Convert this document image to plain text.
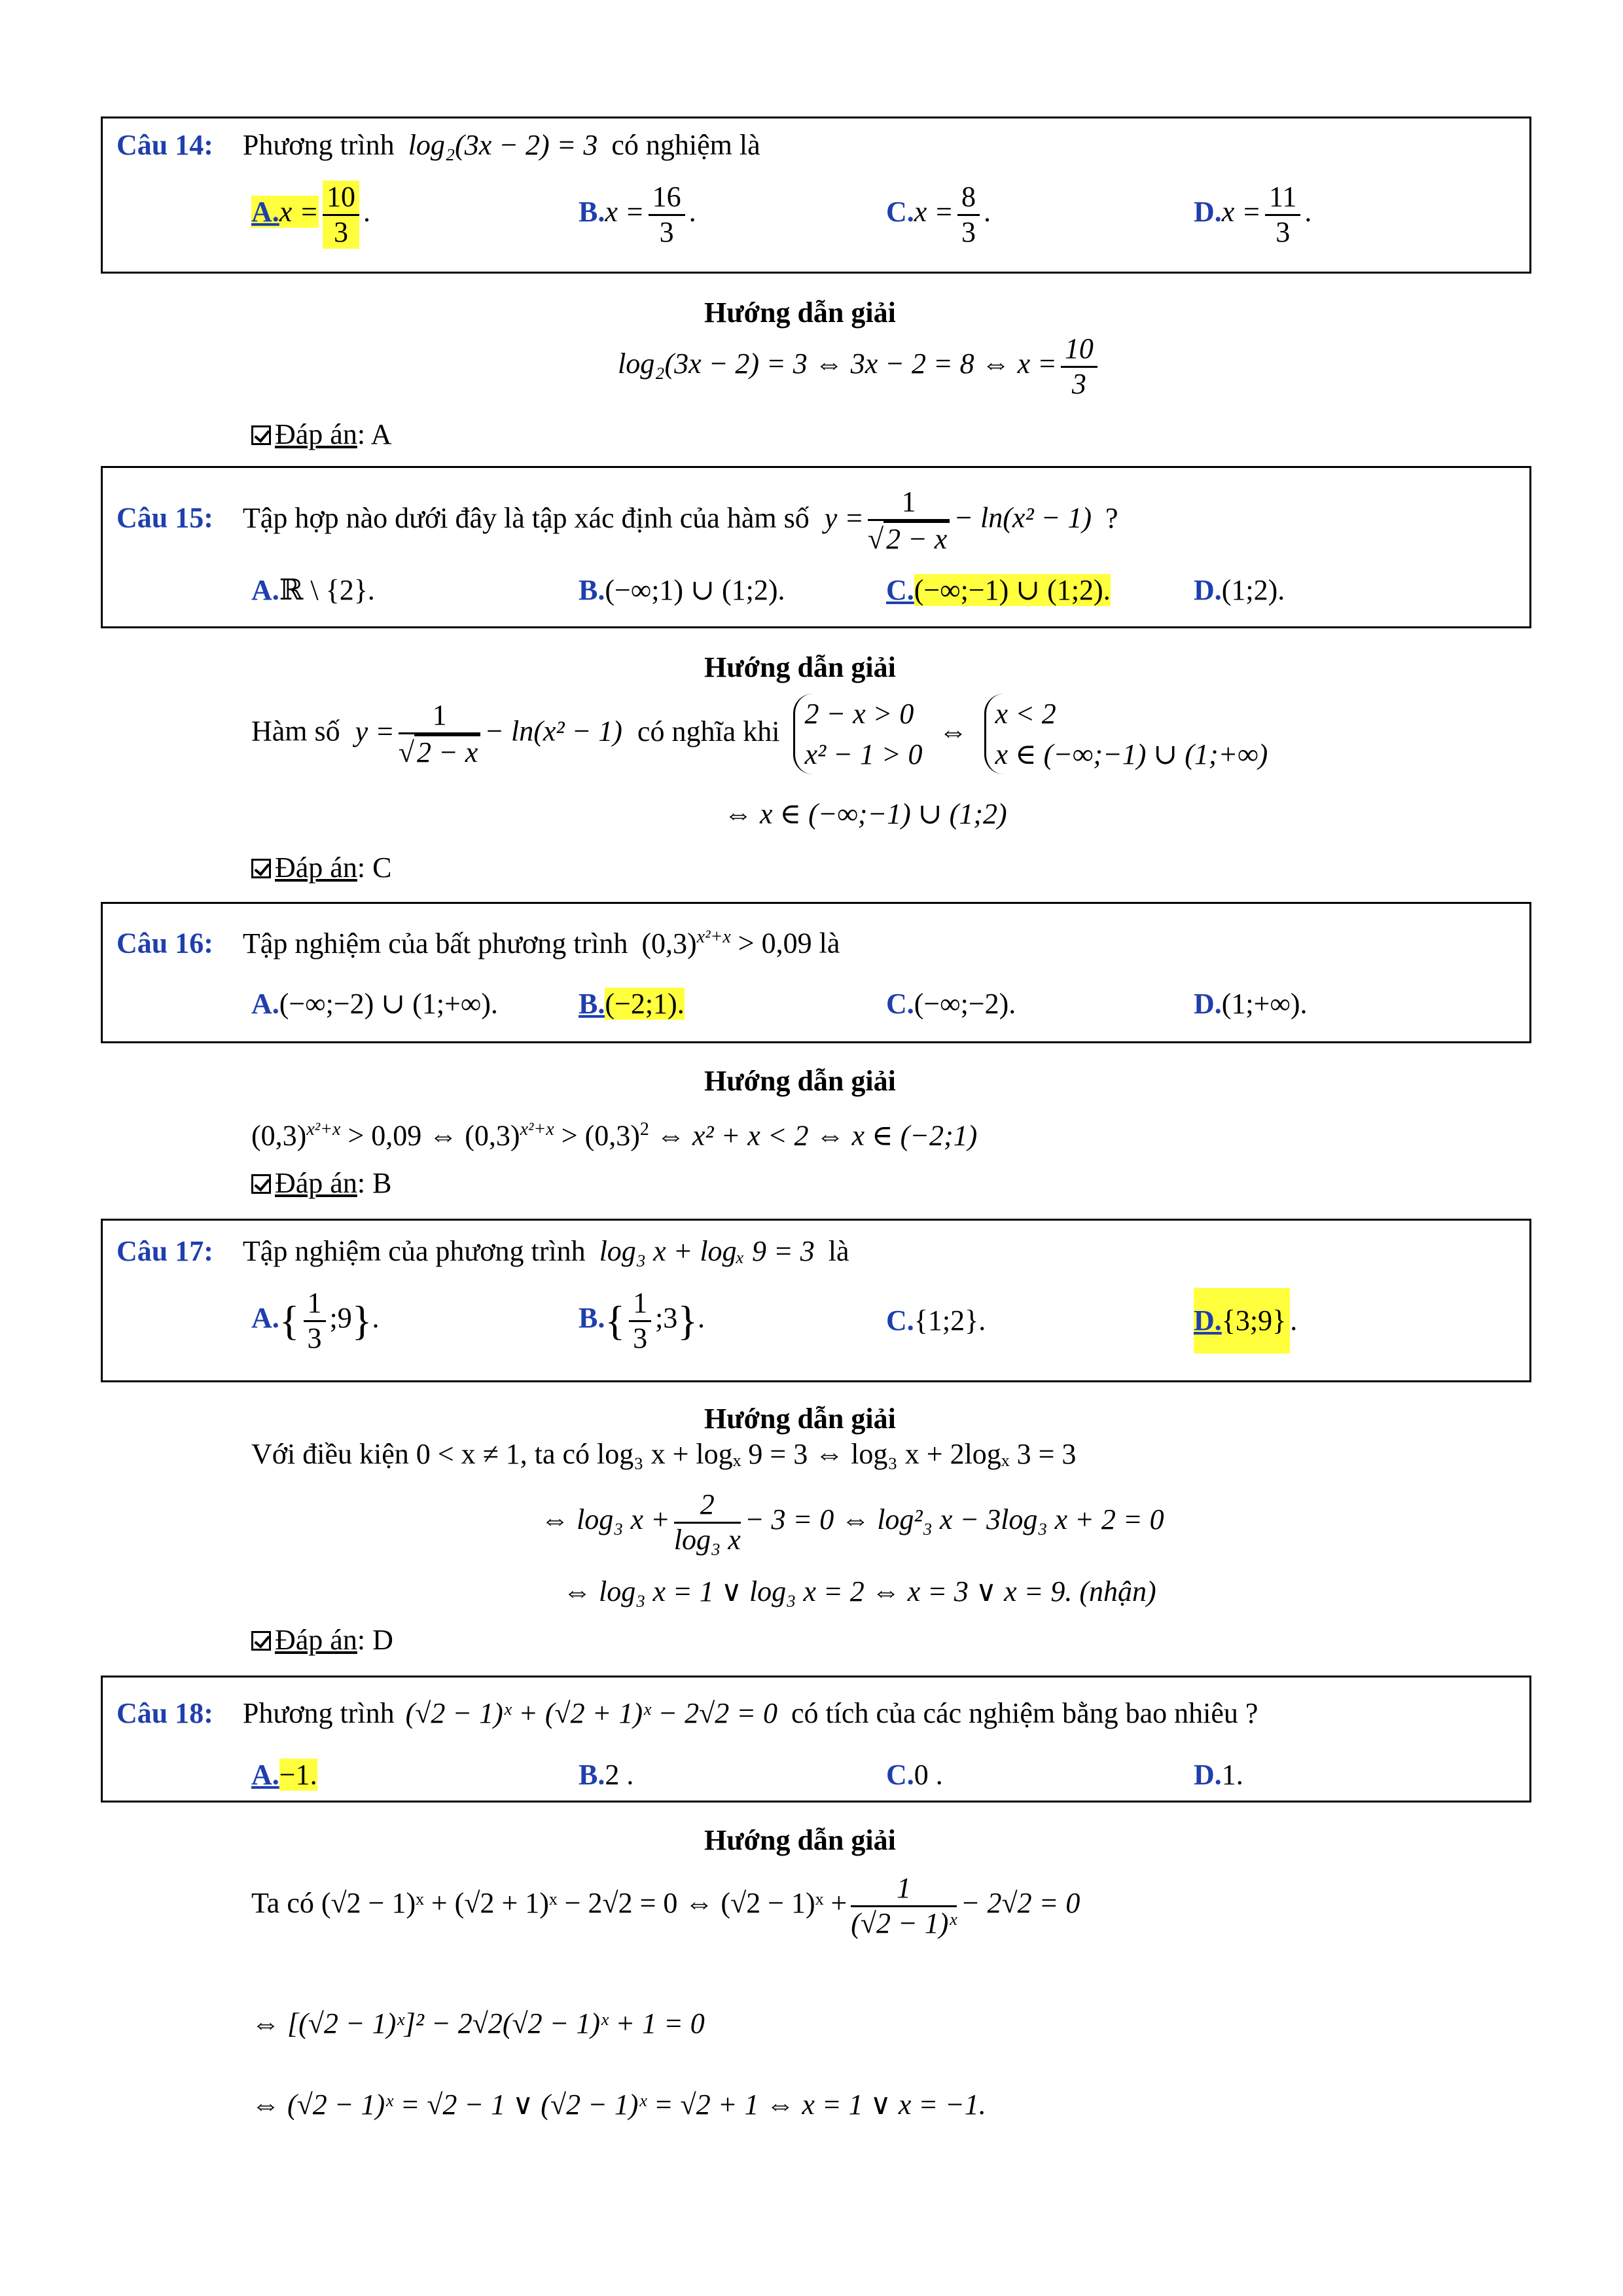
Câu 14: Phương trình log₂(3x − 2) = 3 có nghiệm là
$A.x = \frac{10}{3}$ .	$B.x = \frac{16}{3}$ .	$C.x = \frac{8}{3}$ .	$D.x = \frac{11}{3}$ .
Hướng dẫn giải
log₂(3x − 2) = 3 ⇔ 3x − 2 = 8 ⇔ $x = \frac{10}{3}$
Đáp án: A
Câu 15: Tập hợp nào dưới đây là tập xác định của hàm số $y = \frac{1}{√2 - x} - \ln(x^2 - 1)$ ?
A.ℝ \ {2}.	B.(−∞;1) ∪ (1;2).	C.(−∞;−1) ∪ (1;2).	D.(1;2).
Hướng dẫn giải
Hàm số $y = \frac{1}{√2 - x} - \ln(x^2 - 1)$ có nghĩa khi
2 − x > 0
x² − 1 > 0
⇔
x < 2
x ∈ (−∞;−1) ∪ (1;+∞)
⇔ x ∈ (−∞;−1) ∪ (1;2)
Đáp án: C
Câu 16: Tập nghiệm của bất phương trình $(0,3)^{x^2+x} > 0,09$ là
A.(−∞;−2) ∪ (1;+∞).	B.(−2;1).	C.(−∞;−2).	D.(1;+∞).
Hướng dẫn giải
$(0,3)^{x^2+x} > 0,09$ ⇔ $(0,3)^{x^2+x} > (0,3)^2$ ⇔ x² + x < 2 ⇔ x ∈ (−2;1)
Đáp án: B
Câu 17: Tập nghiệm của phương trình log₃ x + logₓ 9 = 3 là
$A.\{ \frac{1}{3}$ ;9}.	$B.\{ \frac{1}{3}$ ;3}.	C.{1;2}.	D.{3;9} .
Hướng dẫn giải
Với điều kiện 0 < x ≠ 1, ta có log₃ x + logₓ 9 = 3 ⇔ log₃ x + 2logₓ 3 = 3
⇔ log₃ $x + \frac{2}{\text{log₃ x}} - 3 = 0$ ⇔ log²₃ x − 3log₃ x + 2 = 0
⇔ log₃ x = 1 ∨ log₃ x = 2 ⇔ x = 3 ∨ x = 9. (nhận)
Đáp án: D
Câu 18: Phương trình (√2 − 1)ˣ + (√2 + 1)ˣ − 2√2 = 0 có tích của các nghiệm bằng bao nhiêu ?
A.−1.	B.2 .	C.0 .	D.1.
Hướng dẫn giải
Ta có (√2 − 1)ˣ + (√2 + 1)ˣ − 2√2 = 0 ⇔ (√2 − 1)ˣ + $\frac{1}{\text{(√2 − 1)ˣ}} - 2√2 = 0$
⇔ [(√2 − 1)ˣ]² − 2√2(√2 − 1)ˣ + 1 = 0
⇔ (√2 − 1)ˣ = √2 − 1 ∨ (√2 − 1)ˣ = √2 + 1 ⇔ x = 1 ∨ x = −1.
